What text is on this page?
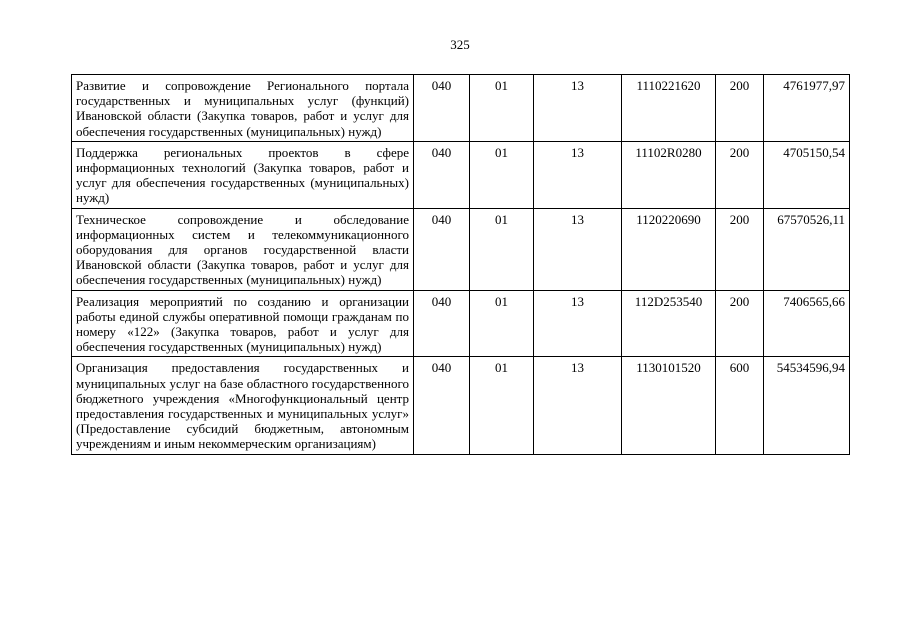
325
Развитие и сопровождение Регионального портала государственных и муниципальных услуг (функций) Ивановской области (Закупка товаров, работ и услуг для обеспечения государственных (муниципальных) нужд)	040	01	13	1110221620	200	4761977,97
Поддержка региональных проектов в сфере информационных технологий (Закупка товаров, работ и услуг для обеспечения государственных (муниципальных) нужд)	040	01	13	11102R0280	200	4705150,54
Техническое сопровождение и обследование информационных систем и телекоммуникационного оборудования для органов государственной власти Ивановской области (Закупка товаров, работ и услуг для обеспечения государственных (муниципальных) нужд)	040	01	13	1120220690	200	67570526,11
Реализация мероприятий по созданию и организации работы единой службы оперативной помощи гражданам по номеру «122» (Закупка товаров, работ и услуг для обеспечения государственных (муниципальных) нужд)	040	01	13	112D253540	200	7406565,66
Организация предоставления государственных и муниципальных услуг на базе областного государственного бюджетного учреждения «Многофункциональный центр предоставления государственных и муниципальных услуг» (Предоставление субсидий бюджетным, автономным учреждениям и иным некоммерческим организациям)	040	01	13	1130101520	600	54534596,94
